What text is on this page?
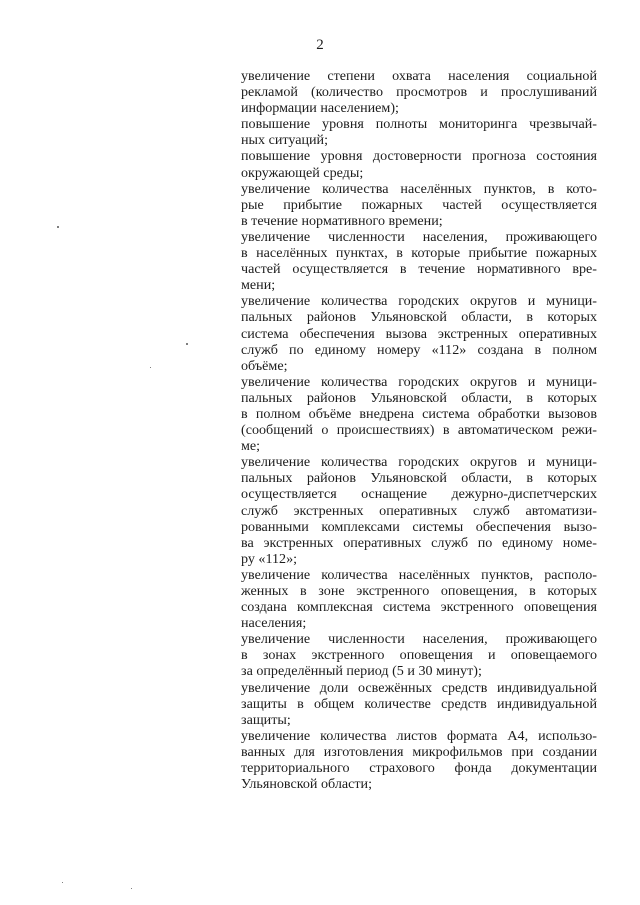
2
увеличение степени охвата населения социальной
рекламой (количество просмотров и прослушиваний
информации населением);
повышение уровня полноты мониторинга чрезвычай-
ных ситуаций;
повышение уровня достоверности прогноза состояния
окружающей среды;
увеличение количества населённых пунктов, в кото-
рые прибытие пожарных частей осуществляется
в течение нормативного времени;
увеличение численности населения, проживающего
в населённых пунктах, в которые прибытие пожарных
частей осуществляется в течение нормативного вре-
мени;
увеличение количества городских округов и муници-
пальных районов Ульяновской области, в которых
система обеспечения вызова экстренных оперативных
служб по единому номеру «112» создана в полном
объёме;
увеличение количества городских округов и муници-
пальных районов Ульяновской области, в которых
в полном объёме внедрена система обработки вызовов
(сообщений о происшествиях) в автоматическом режи-
ме;
увеличение количества городских округов и муници-
пальных районов Ульяновской области, в которых
осуществляется оснащение дежурно-диспетчерских
служб экстренных оперативных служб автоматизи-
рованными комплексами системы обеспечения вызо-
ва экстренных оперативных служб по единому номе-
ру «112»;
увеличение количества населённых пунктов, располо-
женных в зоне экстренного оповещения, в которых
создана комплексная система экстренного оповещения
населения;
увеличение численности населения, проживающего
в зонах экстренного оповещения и оповещаемого
за определённый период (5 и 30 минут);
увеличение доли освежённых средств индивидуальной
защиты в общем количестве средств индивидуальной
защиты;
увеличение количества листов формата А4, использо-
ванных для изготовления микрофильмов при создании
территориального страхового фонда документации
Ульяновской области;
